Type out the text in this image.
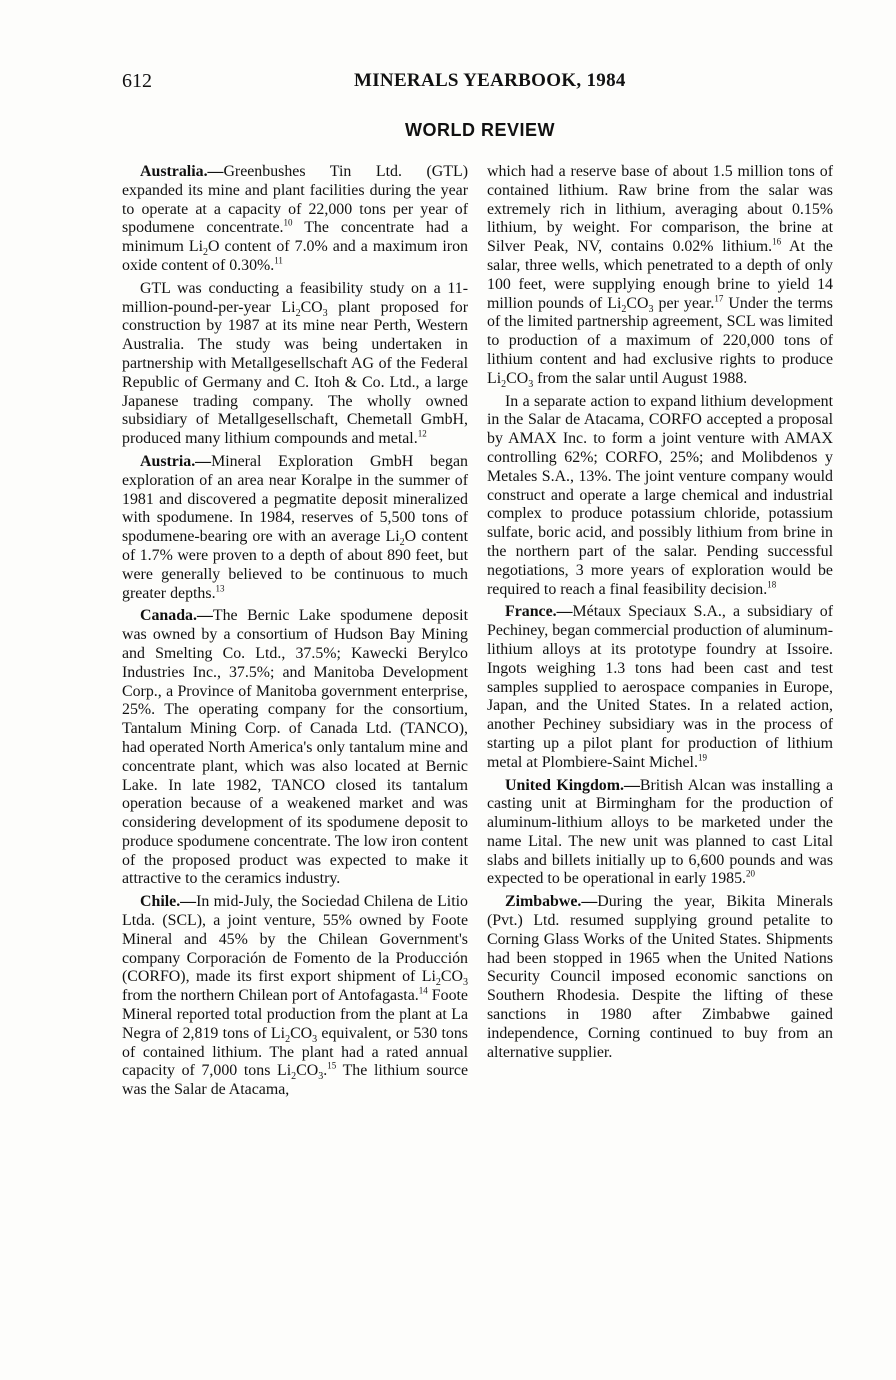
612	MINERALS YEARBOOK, 1984
WORLD REVIEW

Australia.—Greenbushes Tin Ltd. (GTL) expanded its mine and plant facilities during the year to operate at a capacity of 22,000 tons per year of spodumene concentrate.$^{10}$ The concentrate had a minimum $Li_2O$ content of 7.0% and a maximum iron oxide content of 0.30%.$^{11}$

GTL was conducting a feasibility study on a 11-million-pound-per-year $Li_2CO_3$ plant proposed for construction by 1987 at its mine near Perth, Western Australia. The study was being undertaken in partnership with Metallgesellschaft AG of the Federal Republic of Germany and C. Itoh & Co. Ltd., a large Japanese trading company. The wholly owned subsidiary of Metallgesellschaft, Chemetall GmbH, produced many lithium compounds and metal.$^{12}$

Austria.—Mineral Exploration GmbH began exploration of an area near Koralpe in the summer of 1981 and discovered a pegmatite deposit mineralized with spodumene. In 1984, reserves of 5,500 tons of spodumene-bearing ore with an average $Li_2O$ content of 1.7% were proven to a depth of about 890 feet, but were generally believed to be continuous to much greater depths.$^{13}$

Canada.—The Bernic Lake spodumene deposit was owned by a consortium of Hudson Bay Mining and Smelting Co. Ltd., 37.5%; Kawecki Berylco Industries Inc., 37.5%; and Manitoba Development Corp., a Province of Manitoba government enterprise, 25%. The operating company for the consortium, Tantalum Mining Corp. of Canada Ltd. (TANCO), had operated North America's only tantalum mine and concentrate plant, which was also located at Bernic Lake. In late 1982, TANCO closed its tantalum operation because of a weakened market and was considering development of its spodumene deposit to produce spodumene concentrate. The low iron content of the proposed product was expected to make it attractive to the ceramics industry.

Chile.—In mid-July, the Sociedad Chilena de Litio Ltda. (SCL), a joint venture, 55% owned by Foote Mineral and 45% by the Chilean Government's company Corporación de Fomento de la Producción (CORFO), made its first export shipment of $Li_2CO_3$ from the northern Chilean port of Antofagasta.$^{14}$ Foote Mineral reported total production from the plant at La Negra of 2,819 tons of $Li_2CO_3$ equivalent, or 530 tons of contained lithium. The plant had a rated annual capacity of 7,000 tons $Li_2CO_3.^{15}$ The lithium source was the Salar de Atacama,

which had a reserve base of about 1.5 million tons of contained lithium. Raw brine from the salar was extremely rich in lithium, averaging about 0.15% lithium, by weight. For comparison, the brine at Silver Peak, NV, contains 0.02% lithium.$^{16}$ At the salar, three wells, which penetrated to a depth of only 100 feet, were supplying enough brine to yield 14 million pounds of $Li_2CO_3$ per year.$^{17}$ Under the terms of the limited partnership agreement, SCL was limited to production of a maximum of 220,000 tons of lithium content and had exclusive rights to produce $Li_2CO_3$ from the salar until August 1988.

In a separate action to expand lithium development in the Salar de Atacama, CORFO accepted a proposal by AMAX Inc. to form a joint venture with AMAX controlling 62%; CORFO, 25%; and Molibdenos y Metales S.A., 13%. The joint venture company would construct and operate a large chemical and industrial complex to produce potassium chloride, potassium sulfate, boric acid, and possibly lithium from brine in the northern part of the salar. Pending successful negotiations, 3 more years of exploration would be required to reach a final feasibility decision.$^{18}$

France.—Métaux Speciaux S.A., a subsidiary of Pechiney, began commercial production of aluminum-lithium alloys at its prototype foundry at Issoire. Ingots weighing 1.3 tons had been cast and test samples supplied to aerospace companies in Europe, Japan, and the United States. In a related action, another Pechiney subsidiary was in the process of starting up a pilot plant for production of lithium metal at Plombiere-Saint Michel.$^{19}$

United Kingdom.—British Alcan was installing a casting unit at Birmingham for the production of aluminum-lithium alloys to be marketed under the name Lital. The new unit was planned to cast Lital slabs and billets initially up to 6,600 pounds and was expected to be operational in early 1985.20

Zimbabwe.—During the year, Bikita Minerals (Pvt.) Ltd. resumed supplying ground petalite to Corning Glass Works of the United States. Shipments had been stopped in 1965 when the United Nations Security Council imposed economic sanctions on Southern Rhodesia. Despite the lifting of these sanctions in 1980 after Zimbabwe gained independence, Corning continued to buy from an alternative supplier.
